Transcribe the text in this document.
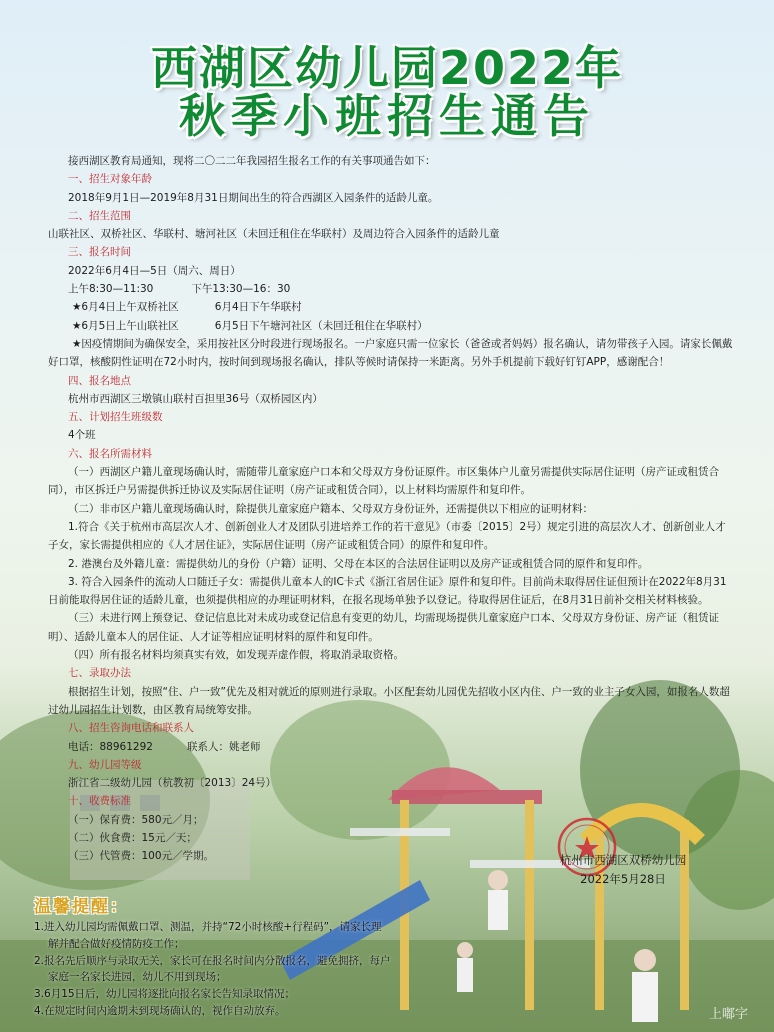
西湖区幼儿园2022年
秋季小班招生通告

接西湖区教育局通知，现将二〇二二年我园招生报名工作的有关事项通告如下：

一、招生对象年龄

2018年9月1日—2019年8月31日期间出生的符合西湖区入园条件的适龄儿童。

二、招生范围

山联社区、双桥社区、华联村、塘河社区（未回迁租住在华联村）及周边符合入园条件的适龄儿童

三、报名时间

2022年6月4日—5日（周六、周日）

上午8:30—11:30	下午13:30—16：30

★6月4日上午双桥社区	6月4日下午华联村

★6月5日上午山联社区	6月5日下午塘河社区（未回迁租住在华联村）

★因疫情期间为确保安全，采用按社区分时段进行现场报名。一户家庭只需一位家长（爸爸或者妈妈）报名确认，请勿带孩子入园。请家长佩戴好口罩，核酸阴性证明在72小时内，按时间到现场报名确认，排队等候时请保持一米距离。另外手机提前下载好钉钉APP，感谢配合！

四、报名地点

杭州市西湖区三墩镇山联村百担里36号（双桥园区内）

五、计划招生班级数

4个班

六、报名所需材料

（一）西湖区户籍儿童现场确认时，需随带儿童家庭户口本和父母双方身份证原件。市区集体户儿童另需提供实际居住证明（房产证或租赁合同），市区拆迁户另需提供拆迁协议及实际居住证明（房产证或租赁合同），以上材料均需原件和复印件。

（二）非市区户籍儿童现场确认时，除提供儿童家庭户籍本、父母双方身份证外，还需提供以下相应的证明材料：

1.符合《关于杭州市高层次人才、创新创业人才及团队引进培养工作的若干意见》（市委〔2015〕2号）规定引进的高层次人才、创新创业人才子女，家长需提供相应的《人才居住证》，实际居住证明（房产证或租赁合同）的原件和复印件。

2. 港澳台及外籍儿童：需提供幼儿的身份（户籍）证明、父母在本区的合法居住证明以及房产证或租赁合同的原件和复印件。

3. 符合入园条件的流动人口随迁子女：需提供儿童本人的IC卡式《浙江省居住证》原件和复印件。目前尚未取得居住证但预计在2022年8月31日前能取得居住证的适龄儿童，也须提供相应的办理证明材料，在报名现场单独予以登记。待取得居住证后，在8月31日前补交相关材料核验。

（三）未进行网上预登记、登记信息比对未成功或登记信息有变更的幼儿，均需现场提供儿童家庭户口本、父母双方身份证、房产证（租赁证明）、适龄儿童本人的居住证、人才证等相应证明材料的原件和复印件。

（四）所有报名材料均须真实有效，如发现弄虚作假，将取消录取资格。

七、录取办法

根据招生计划，按照“住、户一致”优先及相对就近的原则进行录取。小区配套幼儿园优先招收小区内住、户一致的业主子女入园，如报名人数超过幼儿园招生计划数，由区教育局统筹安排。

八、招生咨询电话和联系人

电话：88961292	联系人：姚老师

九、幼儿园等级

浙江省二级幼儿园（杭教初〔2013〕24号）

十、收费标准

（一）保育费：580元／月；

（二）伙食费：15元／天；

（三）代管费：100元／学期。	杭州市西湖区双桥幼儿园
2022年5月28日
温馨提醒：

1.进入幼儿园均需佩戴口罩、测温，并持“72小时核酸+行程码”，请家长理

解并配合做好疫情防疫工作；

2.报名先后顺序与录取无关，家长可在报名时间内分散报名，避免拥挤，每户

家庭一名家长进园，幼儿不用到现场；

3.6月15日后，幼儿园将逐批向报名家长告知录取情况；

4.在规定时间内逾期未到现场确认的，视作自动放弃。	上嘟字
